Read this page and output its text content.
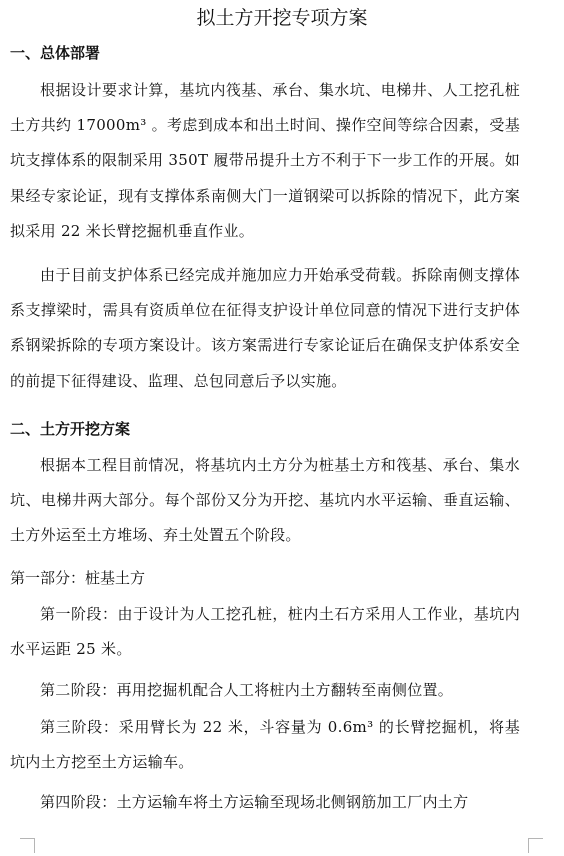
拟土方开挖专项方案
一、总体部署

根据设计要求计算，基坑内筏基、承台、集水坑、电梯井、人工挖孔桩土方共约 17000m³ 。考虑到成本和出土时间、操作空间等综合因素，受基坑支撑体系的限制采用 350T 履带吊提升土方不利于下一步工作的开展。如果经专家论证，现有支撑体系南侧大门一道钢梁可以拆除的情况下，此方案拟采用 22 米长臂挖掘机垂直作业。

由于目前支护体系已经完成并施加应力开始承受荷载。拆除南侧支撑体系支撑梁时，需具有资质单位在征得支护设计单位同意的情况下进行支护体系钢梁拆除的专项方案设计。该方案需进行专家论证后在确保支护体系安全的前提下征得建设、监理、总包同意后予以实施。

二、土方开挖方案

根据本工程目前情况，将基坑内土方分为桩基土方和筏基、承台、集水坑、电梯井两大部分。每个部份又分为开挖、基坑内水平运输、垂直运输、土方外运至土方堆场、弃土处置五个阶段。

第一部分：桩基土方

第一阶段：由于设计为人工挖孔桩，桩内土石方采用人工作业，基坑内水平运距 25 米。

第二阶段：再用挖掘机配合人工将桩内土方翻转至南侧位置。

第三阶段：采用臂长为 22 米，斗容量为 0.6m³ 的长臂挖掘机，将基坑内土方挖至土方运输车。

第四阶段：土方运输车将土方运输至现场北侧钢筋加工厂内土方
